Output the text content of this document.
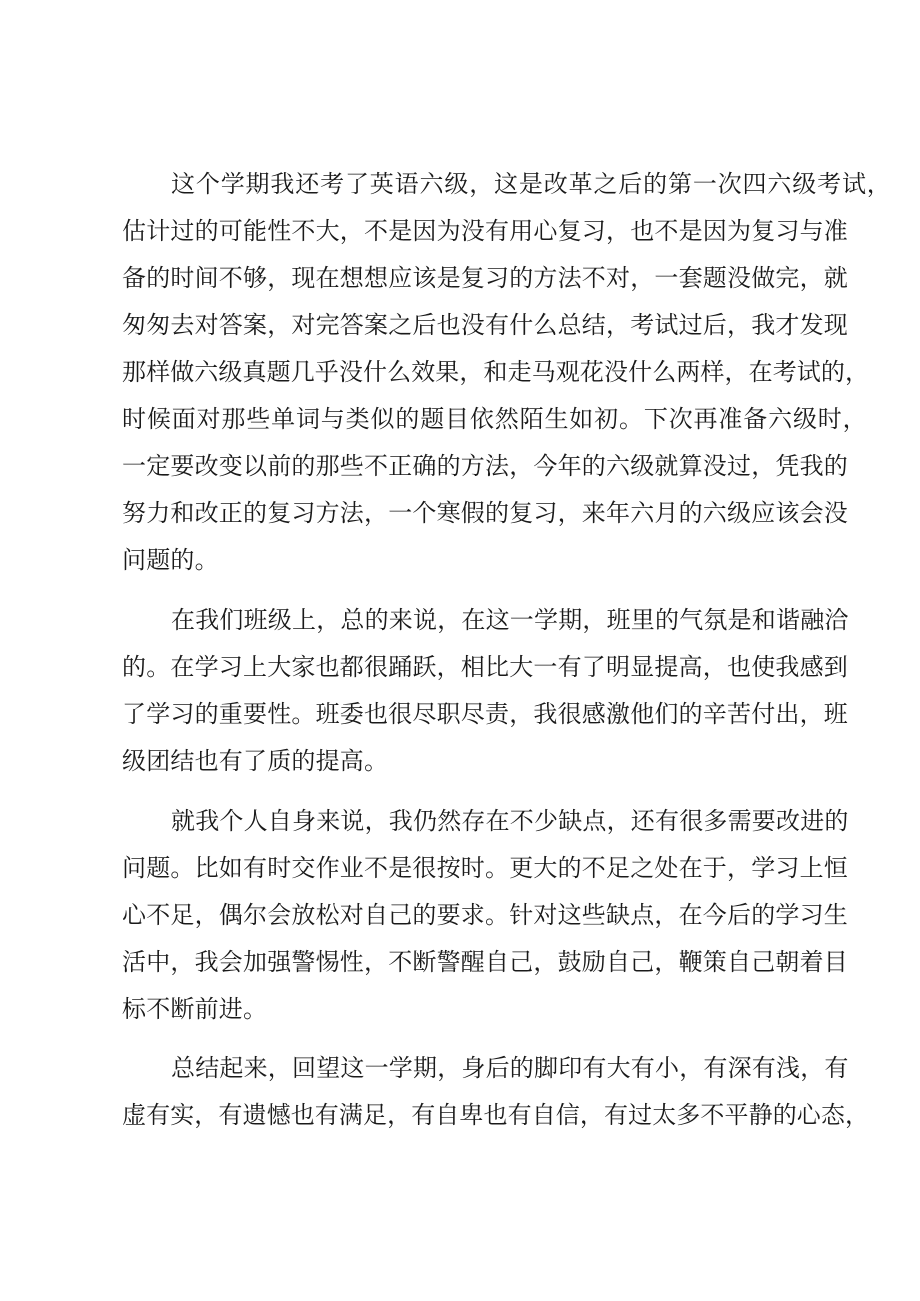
这个学期我还考了英语六级，这是改革之后的第一次四六级考试，
估计过的可能性不大，不是因为没有用心复习，也不是因为复习与准
备的时间不够，现在想想应该是复习的方法不对，一套题没做完，就
匆匆去对答案，对完答案之后也没有什么总结，考试过后，我才发现
那样做六级真题几乎没什么效果，和走马观花没什么两样，在考试的，
时候面对那些单词与类似的题目依然陌生如初。下次再准备六级时，
一定要改变以前的那些不正确的方法，今年的六级就算没过，凭我的
努力和改正的复习方法，一个寒假的复习，来年六月的六级应该会没
问题的。
在我们班级上，总的来说，在这一学期，班里的气氛是和谐融洽
的。在学习上大家也都很踊跃，相比大一有了明显提高，也使我感到
了学习的重要性。班委也很尽职尽责，我很感激他们的辛苦付出，班
级团结也有了质的提高。
就我个人自身来说，我仍然存在不少缺点，还有很多需要改进的
问题。比如有时交作业不是很按时。更大的不足之处在于，学习上恒
心不足，偶尔会放松对自己的要求。针对这些缺点，在今后的学习生
活中，我会加强警惕性，不断警醒自己，鼓励自己，鞭策自己朝着目
标不断前进。
总结起来，回望这一学期，身后的脚印有大有小，有深有浅，有
虚有实，有遗憾也有满足，有自卑也有自信，有过太多不平静的心态，
